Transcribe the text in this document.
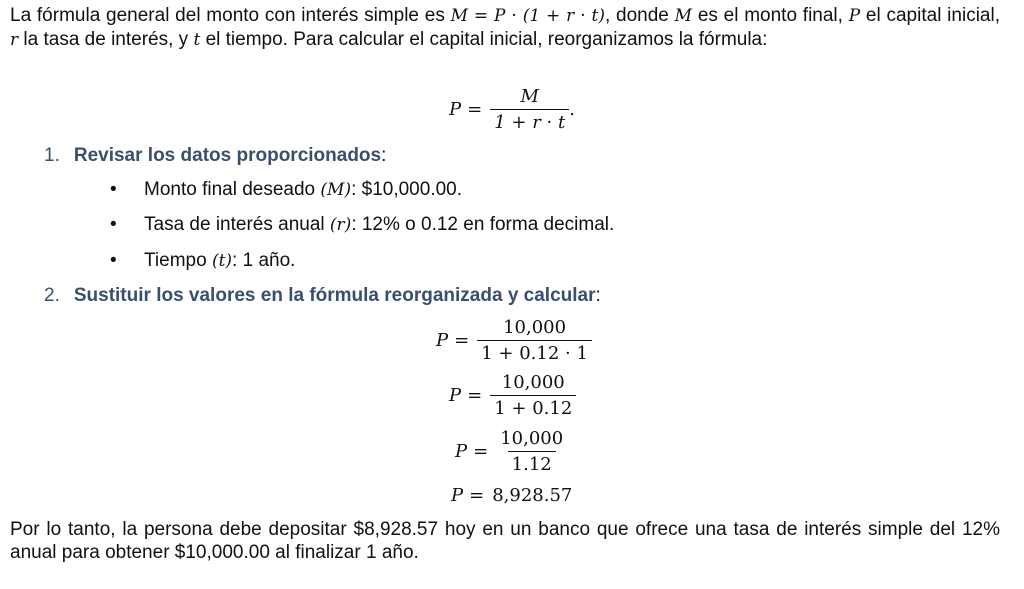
La fórmula general del monto con interés simple es M = P · (1 + r · t), donde M es el monto final, P el capital inicial, r la tasa de interés, y t el tiempo. Para calcular el capital inicial, reorganizamos la fórmula:

$P = \frac{M}{1 + r \cdot t}$ .
1. Revisar los datos proporcionados:
• Monto final deseado (M): $10,000.00.
• Tasa de interés anual (r): 12% o 0.12 en forma decimal.
• Tiempo (t): 1 año.
2. Sustituir los valores en la fórmula reorganizada y calcular:
$P = \frac{10,000}{1 + 0.12 \cdot 1}$
$P = \frac{10,000}{1 + 0.12}$
$P = \frac{10,000}{1.12}$
P = 8,928.57

Por lo tanto, la persona debe depositar $8,928.57 hoy en un banco que ofrece una tasa de interés simple del 12% anual para obtener $10,000.00 al finalizar 1 año.
